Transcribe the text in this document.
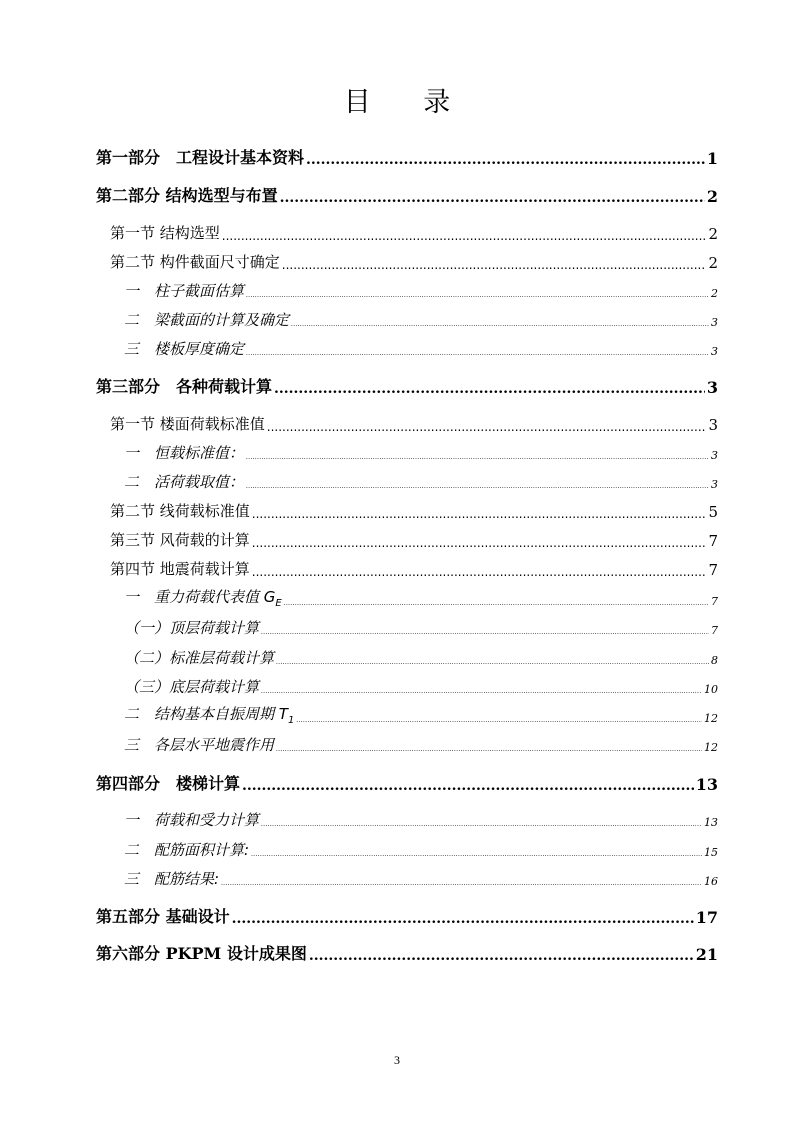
目 录
第一部分　工程设计基本资料 .....	1
第二部分 结构选型与布置 .....	2
第一节 结构选型 .....	2
第二节 构件截面尺寸确定 .....	2
一　柱子截面估算 .....	2
二　梁截面的计算及确定 .....	3
三　楼板厚度确定 .....	3
第三部分　各种荷载计算 .....	3
第一节 楼面荷载标准值 .....	3
一　恒载标准值： .....	3
二　活荷载取值： .....	3
第二节 线荷载标准值 .....	5
第三节 风荷载的计算 .....	7
第四节 地震荷载计算 .....	7
一　重力荷载代表值 $G_E$ .....	7
（一）顶层荷载计算 .....	7
（二）标准层荷载计算 .....	8
（三）底层荷载计算 .....	10
二　结构基本自振周期 $T_1$ .....	12
三　各层水平地震作用 .....	12
第四部分　楼梯计算 .....	13
一　荷载和受力计算 .....	13
二　配筋面积计算: .....	15
三　配筋结果: .....	16
第五部分 基础设计 .....	17
第六部分 PKPM 设计成果图 .....	21
3
